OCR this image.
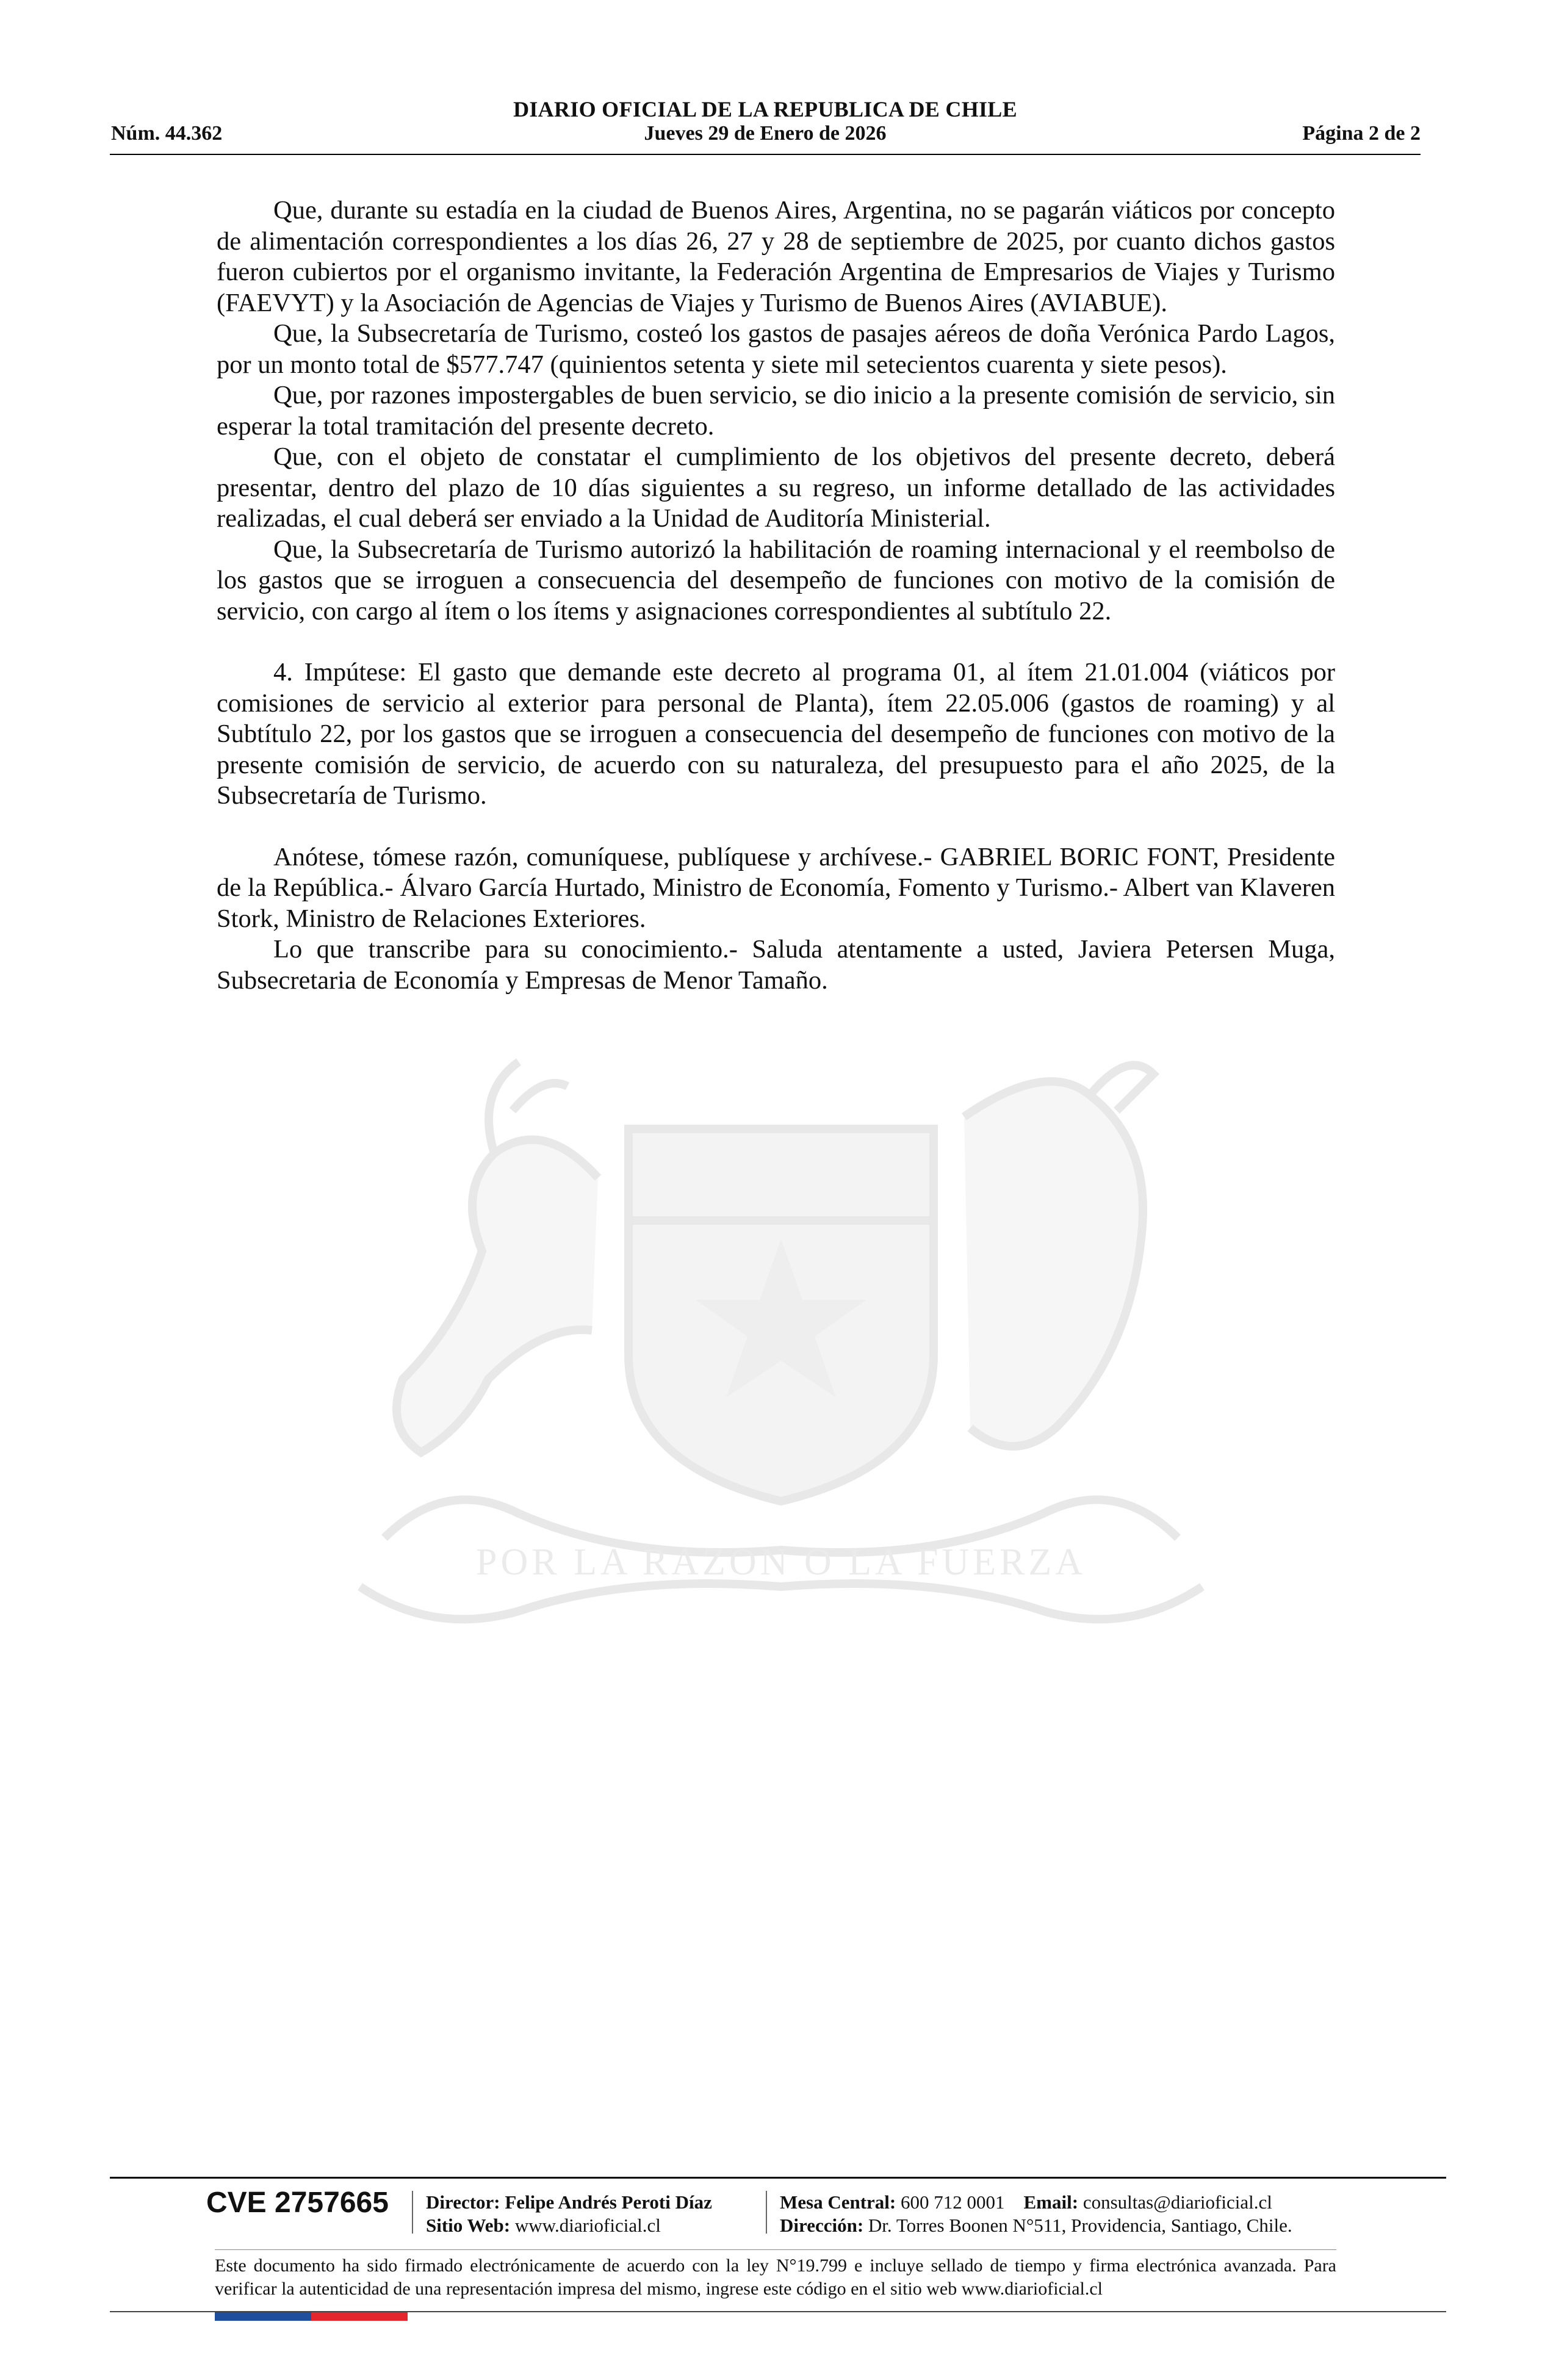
DIARIO OFICIAL DE LA REPUBLICA DE CHILE
Núm. 44.362	Jueves 29 de Enero de 2026	Página 2 de 2
POR LA RAZON O LA FUERZA

Que, durante su estadía en la ciudad de Buenos Aires, Argentina, no se pagarán viáticos por concepto de alimentación correspondientes a los días 26, 27 y 28 de septiembre de 2025, por cuanto dichos gastos fueron cubiertos por el organismo invitante, la Federación Argentina de Empresarios de Viajes y Turismo (FAEVYT) y la Asociación de Agencias de Viajes y Turismo de Buenos Aires (AVIABUE).

Que, la Subsecretaría de Turismo, costeó los gastos de pasajes aéreos de doña Verónica Pardo Lagos, por un monto total de $577.747 (quinientos setenta y siete mil setecientos cuarenta y siete pesos).

Que, por razones impostergables de buen servicio, se dio inicio a la presente comisión de servicio, sin esperar la total tramitación del presente decreto.

Que, con el objeto de constatar el cumplimiento de los objetivos del presente decreto, deberá presentar, dentro del plazo de 10 días siguientes a su regreso, un informe detallado de las actividades realizadas, el cual deberá ser enviado a la Unidad de Auditoría Ministerial.

Que, la Subsecretaría de Turismo autorizó la habilitación de roaming internacional y el reembolso de los gastos que se irroguen a consecuencia del desempeño de funciones con motivo de la comisión de servicio, con cargo al ítem o los ítems y asignaciones correspondientes al subtítulo 22.

4. Impútese: El gasto que demande este decreto al programa 01, al ítem 21.01.004 (viáticos por comisiones de servicio al exterior para personal de Planta), ítem 22.05.006 (gastos de roaming) y al Subtítulo 22, por los gastos que se irroguen a consecuencia del desempeño de funciones con motivo de la presente comisión de servicio, de acuerdo con su naturaleza, del presupuesto para el año 2025, de la Subsecretaría de Turismo.

Anótese, tómese razón, comuníquese, publíquese y archívese.- GABRIEL BORIC FONT, Presidente de la República.- Álvaro García Hurtado, Ministro de Economía, Fomento y Turismo.- Albert van Klaveren Stork, Ministro de Relaciones Exteriores.

Lo que transcribe para su conocimiento.- Saluda atentamente a usted, Javiera Petersen Muga, Subsecretaria de Economía y Empresas de Menor Tamaño.

CVE 2757665 Director: Felipe Andrés Peroti Díaz
Sitio Web: www.diarioficial.cl
Mesa Central: 600 712 0001 Email: consultas@diarioficial.cl
Dirección: Dr. Torres Boonen N°511, Providencia, Santiago, Chile.
Este documento ha sido firmado electrónicamente de acuerdo con la ley N°19.799 e incluye sellado de tiempo y firma electrónica avanzada. Para verificar la autenticidad de una representación impresa del mismo, ingrese este código en el sitio web www.diarioficial.cl
